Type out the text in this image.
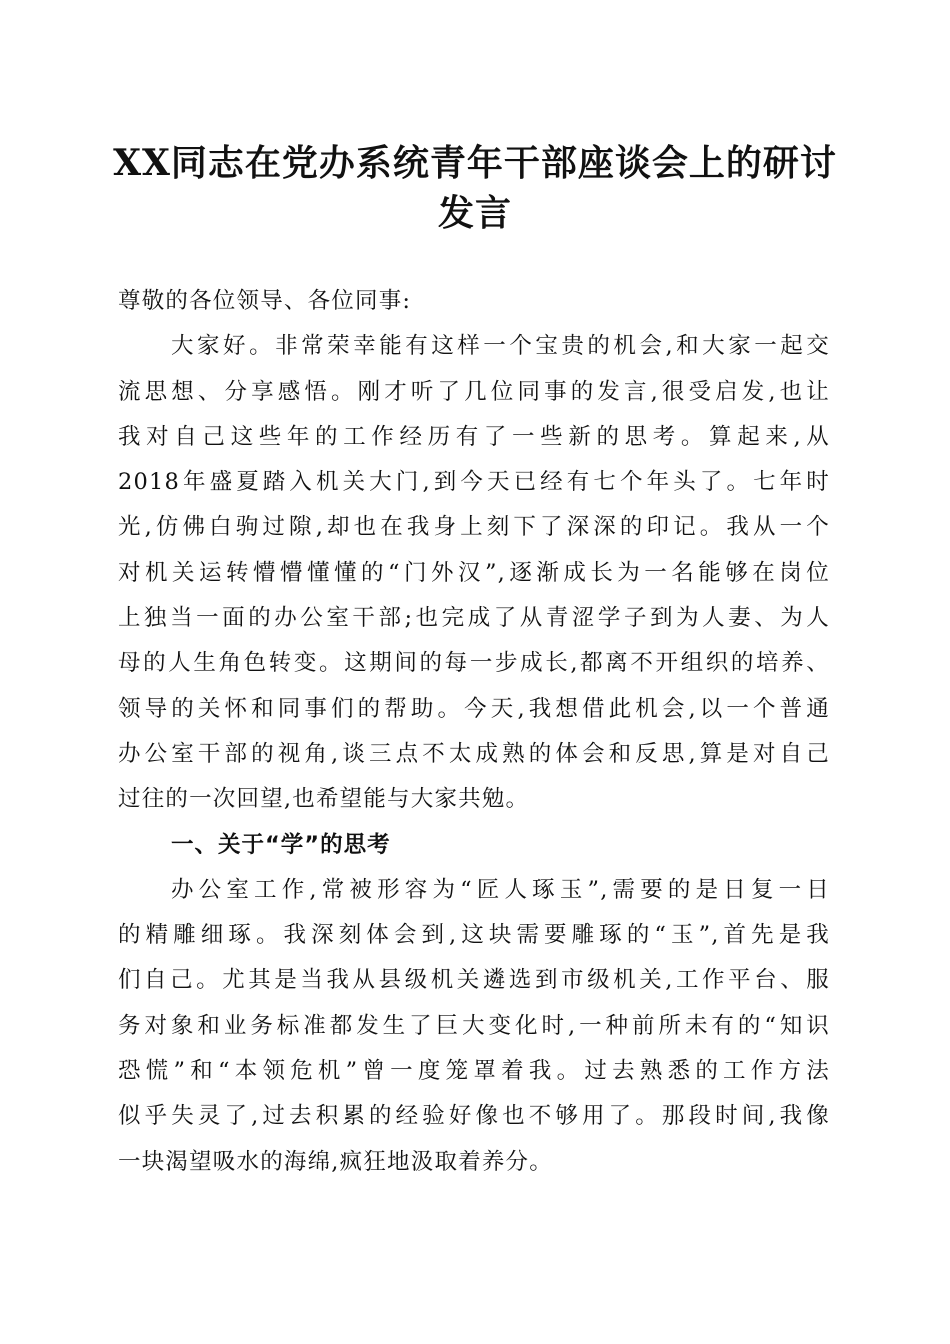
XX同志在党办系统青年干部座谈会上的研讨
发言
尊敬的各位领导、各位同事:
大家好。非常荣幸能有这样一个宝贵的机会,和大家一起交
流思想、分享感悟。刚才听了几位同事的发言,很受启发,也让
我对自己这些年的工作经历有了一些新的思考。算起来,从
2018年盛夏踏入机关大门,到今天已经有七个年头了。七年时
光,仿佛白驹过隙,却也在我身上刻下了深深的印记。我从一个
对机关运转懵懵懂懂的“门外汉”,逐渐成长为一名能够在岗位
上独当一面的办公室干部;也完成了从青涩学子到为人妻、为人
母的人生角色转变。这期间的每一步成长,都离不开组织的培养、
领导的关怀和同事们的帮助。今天,我想借此机会,以一个普通
办公室干部的视角,谈三点不太成熟的体会和反思,算是对自己
过往的一次回望,也希望能与大家共勉。
一、关于“学”的思考
办公室工作,常被形容为“匠人琢玉”,需要的是日复一日
的精雕细琢。我深刻体会到,这块需要雕琢的“玉”,首先是我
们自己。尤其是当我从县级机关遴选到市级机关,工作平台、服
务对象和业务标准都发生了巨大变化时,一种前所未有的“知识
恐慌”和“本领危机”曾一度笼罩着我。过去熟悉的工作方法
似乎失灵了,过去积累的经验好像也不够用了。那段时间,我像
一块渴望吸水的海绵,疯狂地汲取着养分。
